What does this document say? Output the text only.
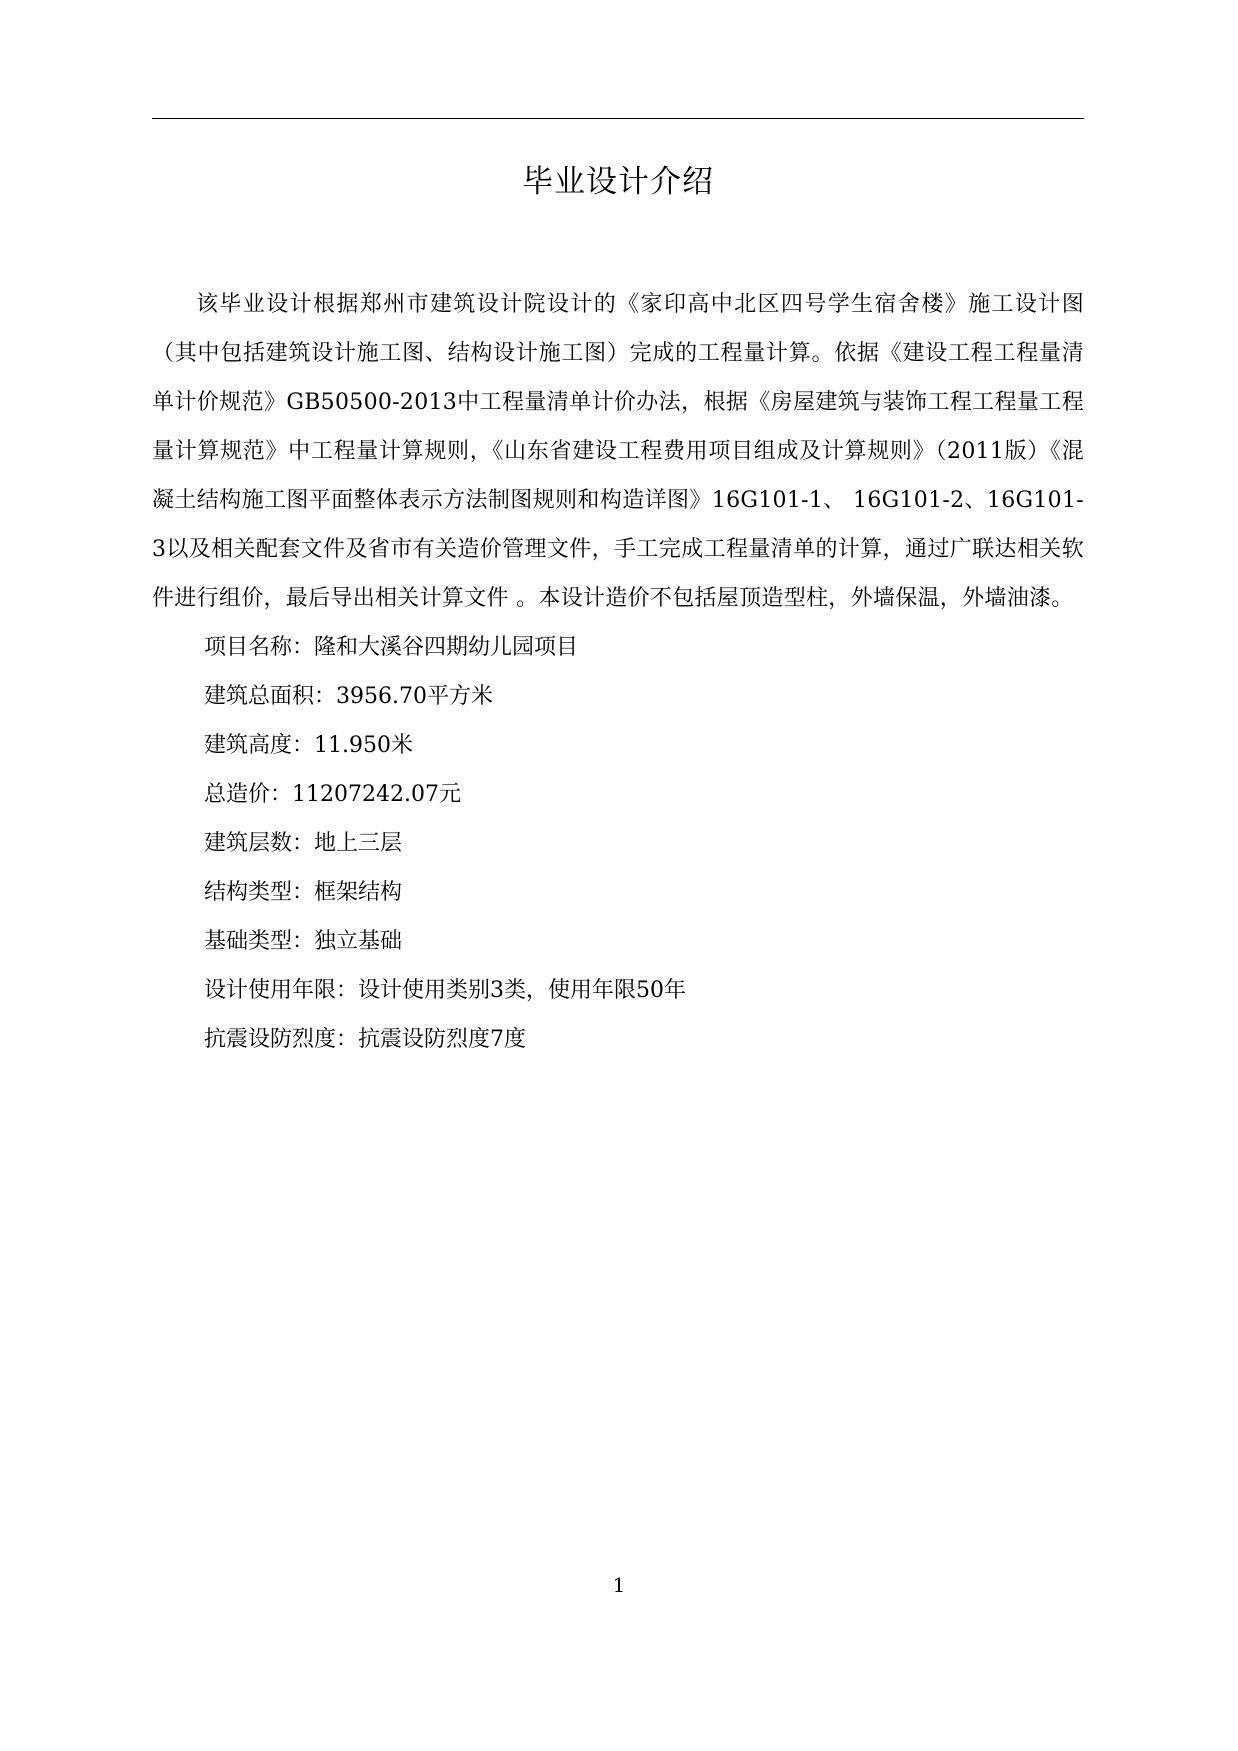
毕业设计介绍

该毕业设计根据郑州市建筑设计院设计的《家印高中北区四号学生宿舍楼》施工设计图（其中包括建筑设计施工图、结构设计施工图）完成的工程量计算。依据《建设工程工程量清单计价规范》GB50500-2013中工程量清单计价办法，根据《房屋建筑与装饰工程工程量工程量计算规范》中工程量计算规则，《山东省建设工程费用项目组成及计算规则》（2011版）《混凝土结构施工图平面整体表示方法制图规则和构造详图》16G101-1、 16G101-2、16G101-3以及相关配套文件及省市有关造价管理文件，手工完成工程量清单的计算，通过广联达相关软件进行组价，最后导出相关计算文件 。本设计造价不包括屋顶造型柱，外墙保温，外墙油漆。

项目名称：隆和大溪谷四期幼儿园项目
建筑总面积：3956.70平方米
建筑高度：11.950米
总造价：11207242.07元
建筑层数：地上三层
结构类型：框架结构
基础类型：独立基础
设计使用年限：设计使用类别3类，使用年限50年
抗震设防烈度：抗震设防烈度7度
1
